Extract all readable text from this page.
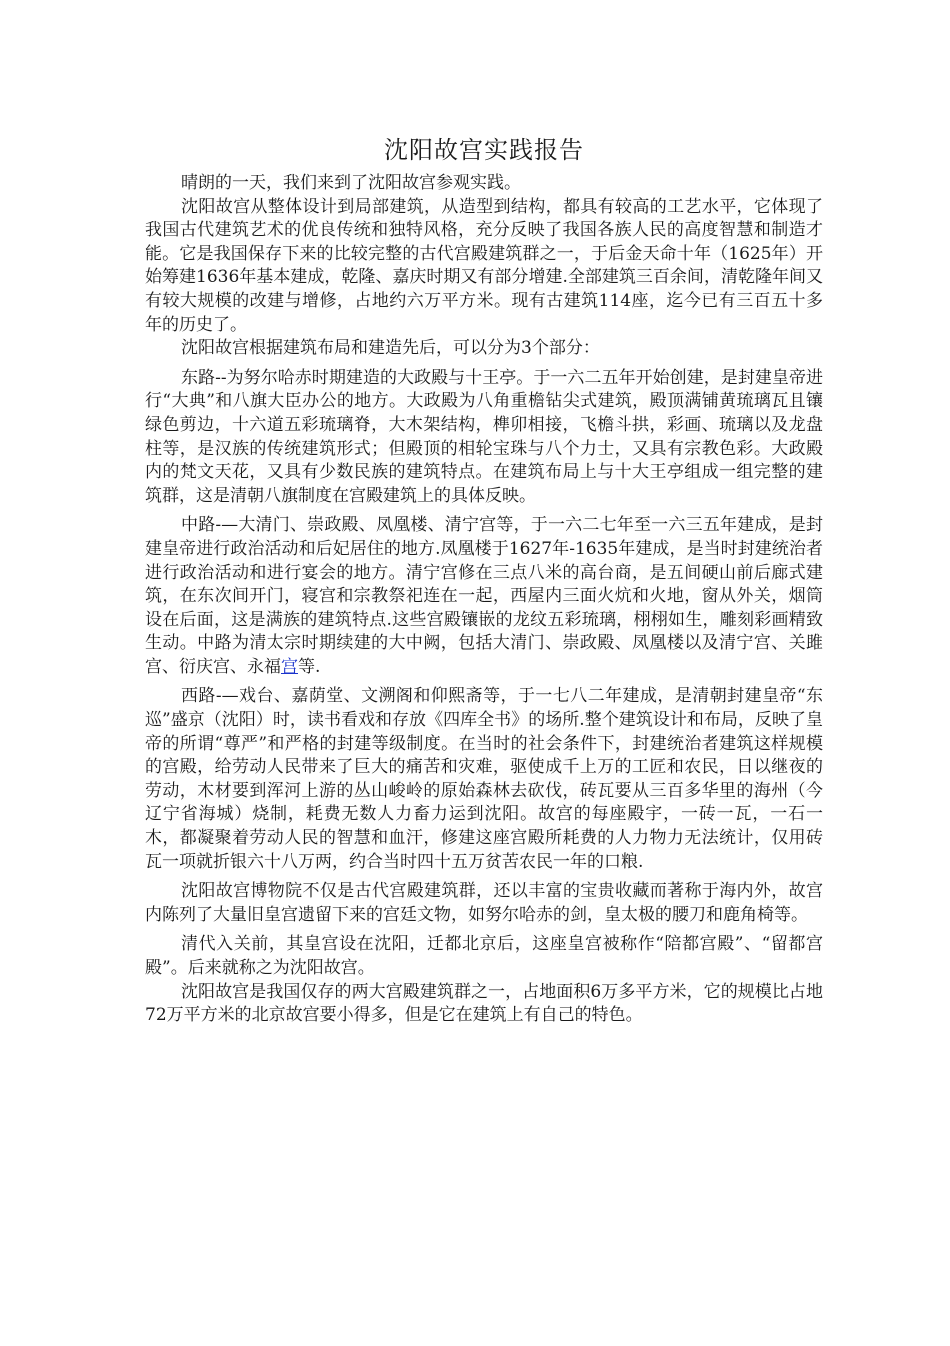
沈阳故宫实践报告

晴朗的一天，我们来到了沈阳故宫参观实践。

沈阳故宫从整体设计到局部建筑，从造型到结构，都具有较高的工艺水平，它体现了我国古代建筑艺术的优良传统和独特风格，充分反映了我国各族人民的高度智慧和制造才能。它是我国保存下来的比较完整的古代宫殿建筑群之一，于后金天命十年（1625年）开始筹建1636年基本建成，乾隆、嘉庆时期又有部分增建.全部建筑三百余间，清乾隆年间又有较大规模的改建与增修，占地约六万平方米。现有古建筑114座，迄今已有三百五十多年的历史了。

沈阳故宫根据建筑布局和建造先后，可以分为3个部分：

东路--为努尔哈赤时期建造的大政殿与十王亭。于一六二五年开始创建，是封建皇帝进行“大典”和八旗大臣办公的地方。大政殿为八角重檐钻尖式建筑，殿顶满铺黄琉璃瓦且镶绿色剪边，十六道五彩琉璃脊，大木架结构，榫卯相接，飞檐斗拱，彩画、琉璃以及龙盘柱等，是汉族的传统建筑形式；但殿顶的相轮宝珠与八个力士，又具有宗教色彩。大政殿内的梵文天花，又具有少数民族的建筑特点。在建筑布局上与十大王亭组成一组完整的建筑群，这是清朝八旗制度在宫殿建筑上的具体反映。

中路-—大清门、崇政殿、凤凰楼、清宁宫等，于一六二七年至一六三五年建成，是封建皇帝进行政治活动和后妃居住的地方.凤凰楼于1627年-1635年建成，是当时封建统治者进行政治活动和进行宴会的地方。清宁宫修在三点八米的高台商，是五间硬山前后廊式建筑，在东次间开门，寝宫和宗教祭祀连在一起，西屋内三面火炕和火地，窗从外关，烟筒设在后面，这是满族的建筑特点.这些宫殿镶嵌的龙纹五彩琉璃，栩栩如生，雕刻彩画精致生动。中路为清太宗时期续建的大中阙，包括大清门、崇政殿、凤凰楼以及清宁宫、关雎宫、衍庆宫、永福宫等.

西路-—戏台、嘉荫堂、文溯阁和仰熙斋等，于一七八二年建成，是清朝封建皇帝“东巡”盛京（沈阳）时，读书看戏和存放《四库全书》的场所.整个建筑设计和布局，反映了皇帝的所谓“尊严”和严格的封建等级制度。在当时的社会条件下，封建统治者建筑这样规模的宫殿，给劳动人民带来了巨大的痛苦和灾难，驱使成千上万的工匠和农民，日以继夜的劳动，木材要到浑河上游的丛山峻岭的原始森林去砍伐，砖瓦要从三百多华里的海州（今辽宁省海城）烧制，耗费无数人力畜力运到沈阳。故宫的每座殿宇，一砖一瓦，一石一木，都凝聚着劳动人民的智慧和血汗，修建这座宫殿所耗费的人力物力无法统计，仅用砖瓦一项就折银六十八万两，约合当时四十五万贫苦农民一年的口粮.

沈阳故宫博物院不仅是古代宫殿建筑群，还以丰富的宝贵收藏而著称于海内外，故宫内陈列了大量旧皇宫遗留下来的宫廷文物，如努尔哈赤的剑，皇太极的腰刀和鹿角椅等。

清代入关前，其皇宫设在沈阳，迁都北京后，这座皇宫被称作“陪都宫殿”、“留都宫殿”。后来就称之为沈阳故宫。

沈阳故宫是我国仅存的两大宫殿建筑群之一，占地面积6万多平方米，它的规模比占地72万平方米的北京故宫要小得多，但是它在建筑上有自己的特色。
